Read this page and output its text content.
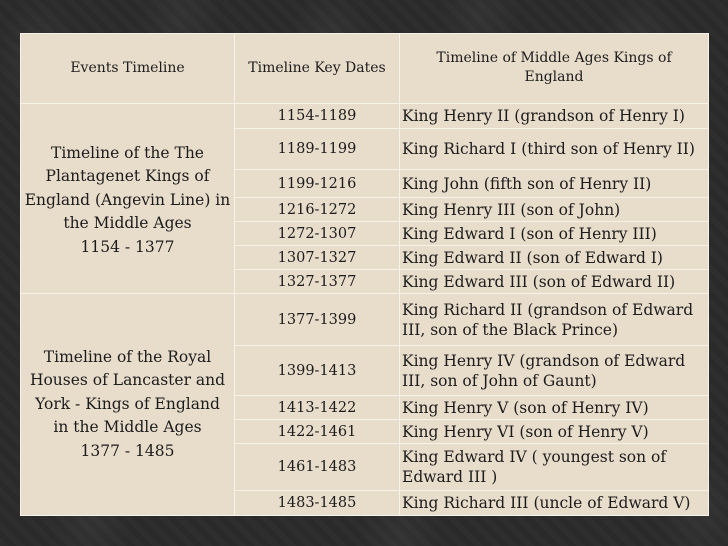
Events Timeline	Timeline Key Dates	Timeline of Middle Ages Kings of England

Timeline of the The
Plantagenet Kings of
England (Angevin Line) in
the Middle Ages
1154 - 1377	1154-1189	King Henry II (grandson of Henry I)
	1189-1199	King Richard I (third son of Henry II)
	1199-1216	King John (fifth son of Henry II)
	1216-1272	King Henry III (son of John)
	1272-1307	King Edward I (son of Henry III)
	1307-1327	King Edward II (son of Edward I)
	1327-1377	King Edward III (son of Edward II)

Timeline of the Royal
Houses of Lancaster and
York - Kings of England
in the Middle Ages
1377 - 1485	1377-1399	King Richard II (grandson of Edward III, son of the Black Prince)
	1399-1413	King Henry IV (grandson of Edward III, son of John of Gaunt)
	1413-1422	King Henry V (son of Henry IV)
	1422-1461	King Henry VI (son of Henry V)
	1461-1483	King Edward IV ( youngest son of Edward III )
	1483-1485	King Richard III (uncle of Edward V)
